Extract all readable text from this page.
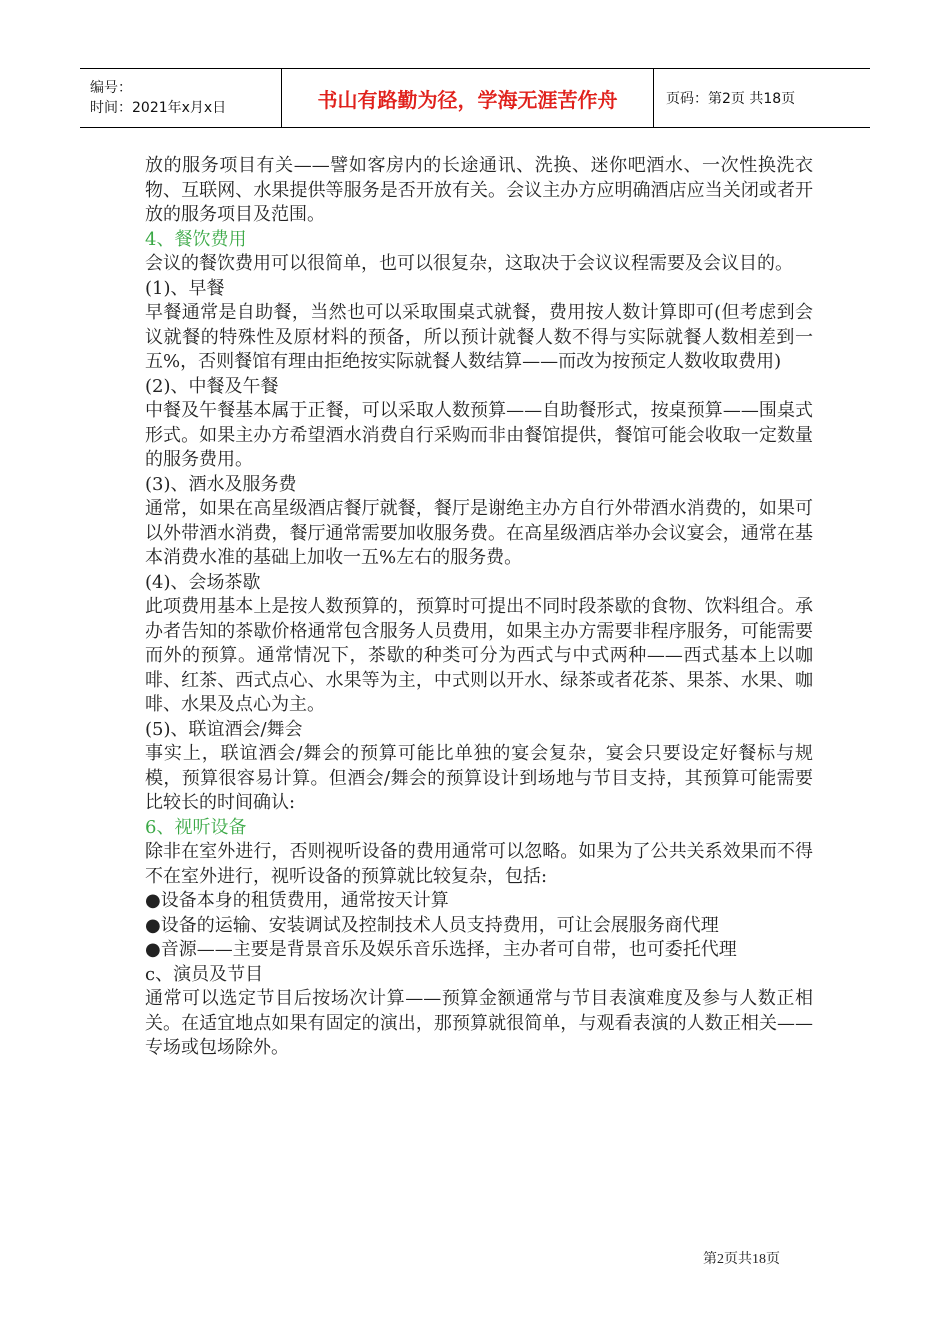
编号：
时间：2021年x月x日	书山有路勤为径，学海无涯苦作舟	页码：第2页 共18页

放的服务项目有关——譬如客房内的长途通讯、洗换、迷你吧酒水、一次性换洗衣物、互联网、水果提供等服务是否开放有关。会议主办方应明确酒店应当关闭或者开放的服务项目及范围。

4、餐饮费用

会议的餐饮费用可以很简单，也可以很复杂，这取决于会议议程需要及会议目的。

(1)、早餐

早餐通常是自助餐，当然也可以采取围桌式就餐，费用按人数计算即可(但考虑到会议就餐的特殊性及原材料的预备，所以预计就餐人数不得与实际就餐人数相差到一五%，否则餐馆有理由拒绝按实际就餐人数结算——而改为按预定人数收取费用)

(2)、中餐及午餐

中餐及午餐基本属于正餐，可以采取人数预算——自助餐形式，按桌预算——围桌式形式。如果主办方希望酒水消费自行采购而非由餐馆提供，餐馆可能会收取一定数量的服务费用。

(3)、酒水及服务费

通常，如果在高星级酒店餐厅就餐，餐厅是谢绝主办方自行外带酒水消费的，如果可以外带酒水消费，餐厅通常需要加收服务费。在高星级酒店举办会议宴会，通常在基本消费水准的基础上加收一五%左右的服务费。

(4)、会场茶歇

此项费用基本上是按人数预算的，预算时可提出不同时段茶歇的食物、饮料组合。承办者告知的茶歇价格通常包含服务人员费用，如果主办方需要非程序服务，可能需要而外的预算。通常情况下，茶歇的种类可分为西式与中式两种——西式基本上以咖啡、红茶、西式点心、水果等为主，中式则以开水、绿茶或者花茶、果茶、水果、咖啡、水果及点心为主。

(5)、联谊酒会/舞会

事实上，联谊酒会/舞会的预算可能比单独的宴会复杂，宴会只要设定好餐标与规模，预算很容易计算。但酒会/舞会的预算设计到场地与节目支持，其预算可能需要比较长的时间确认:

6、视听设备

除非在室外进行，否则视听设备的费用通常可以忽略。如果为了公共关系效果而不得不在室外进行，视听设备的预算就比较复杂，包括:

●设备本身的租赁费用，通常按天计算

●设备的运输、安装调试及控制技术人员支持费用，可让会展服务商代理

●音源——主要是背景音乐及娱乐音乐选择，主办者可自带，也可委托代理

c、演员及节目

通常可以选定节目后按场次计算——预算金额通常与节目表演难度及参与人数正相关。在适宜地点如果有固定的演出，那预算就很简单，与观看表演的人数正相关——专场或包场除外。

第2页共18页
